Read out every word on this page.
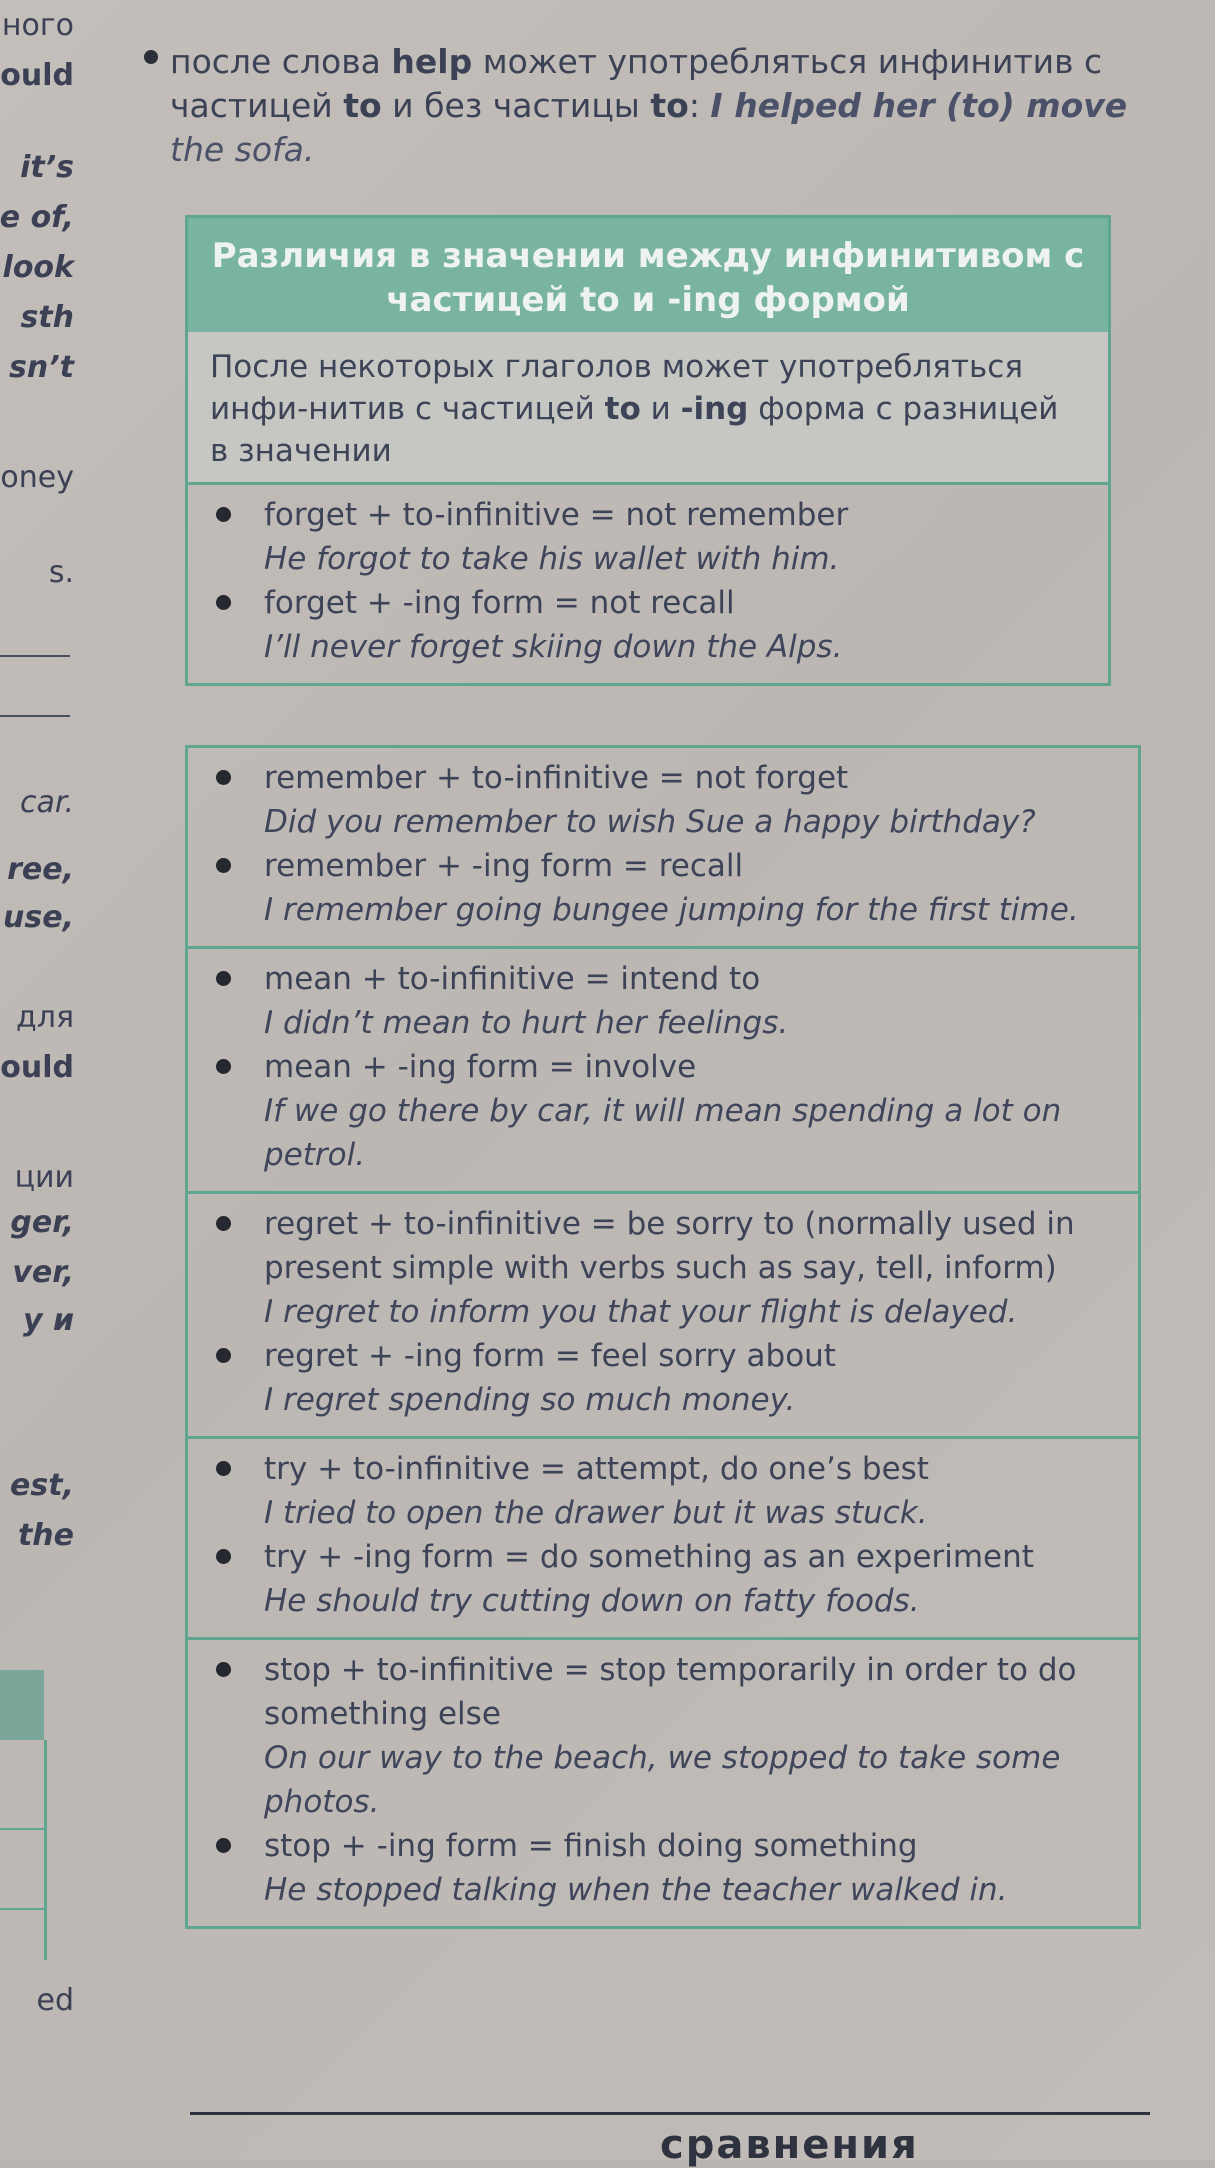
ного
ould
it’s
e of,
look
sth
sn’t
oney
s.
car.
ree,
use,
для
ould
ции
ger,
ver,
y и
est,
the
ed
после слова help может употребляться инфинитив с частицей to и без частицы to: I helped her (to) move the sofa.
Различия в значении между инфинитивом с частицей to и -ing формой
После некоторых глаголов может употребляться инфи-нитив с частицей to и -ing форма с разницей в значении
forget + to-infinitive = not remember
He forgot to take his wallet with him.
forget + -ing form = not recall
I’ll never forget skiing down the Alps.
remember + to-infinitive = not forget
Did you remember to wish Sue a happy birthday?
remember + -ing form = recall
I remember going bungee jumping for the first time.
mean + to-infinitive = intend to
I didn’t mean to hurt her feelings.
mean + -ing form = involve
If we go there by car, it will mean spending a lot on petrol.
regret + to-infinitive = be sorry to (normally used in present simple with verbs such as say, tell, inform)
I regret to inform you that your flight is delayed.
regret + -ing form = feel sorry about
I regret spending so much money.
try + to-infinitive = attempt, do one’s best
I tried to open the drawer but it was stuck.
try + -ing form = do something as an experiment
He should try cutting down on fatty foods.
stop + to-infinitive = stop temporarily in order to do something else
On our way to the beach, we stopped to take some photos.
stop + -ing form = finish doing something
He stopped talking when the teacher walked in.
сравнения
